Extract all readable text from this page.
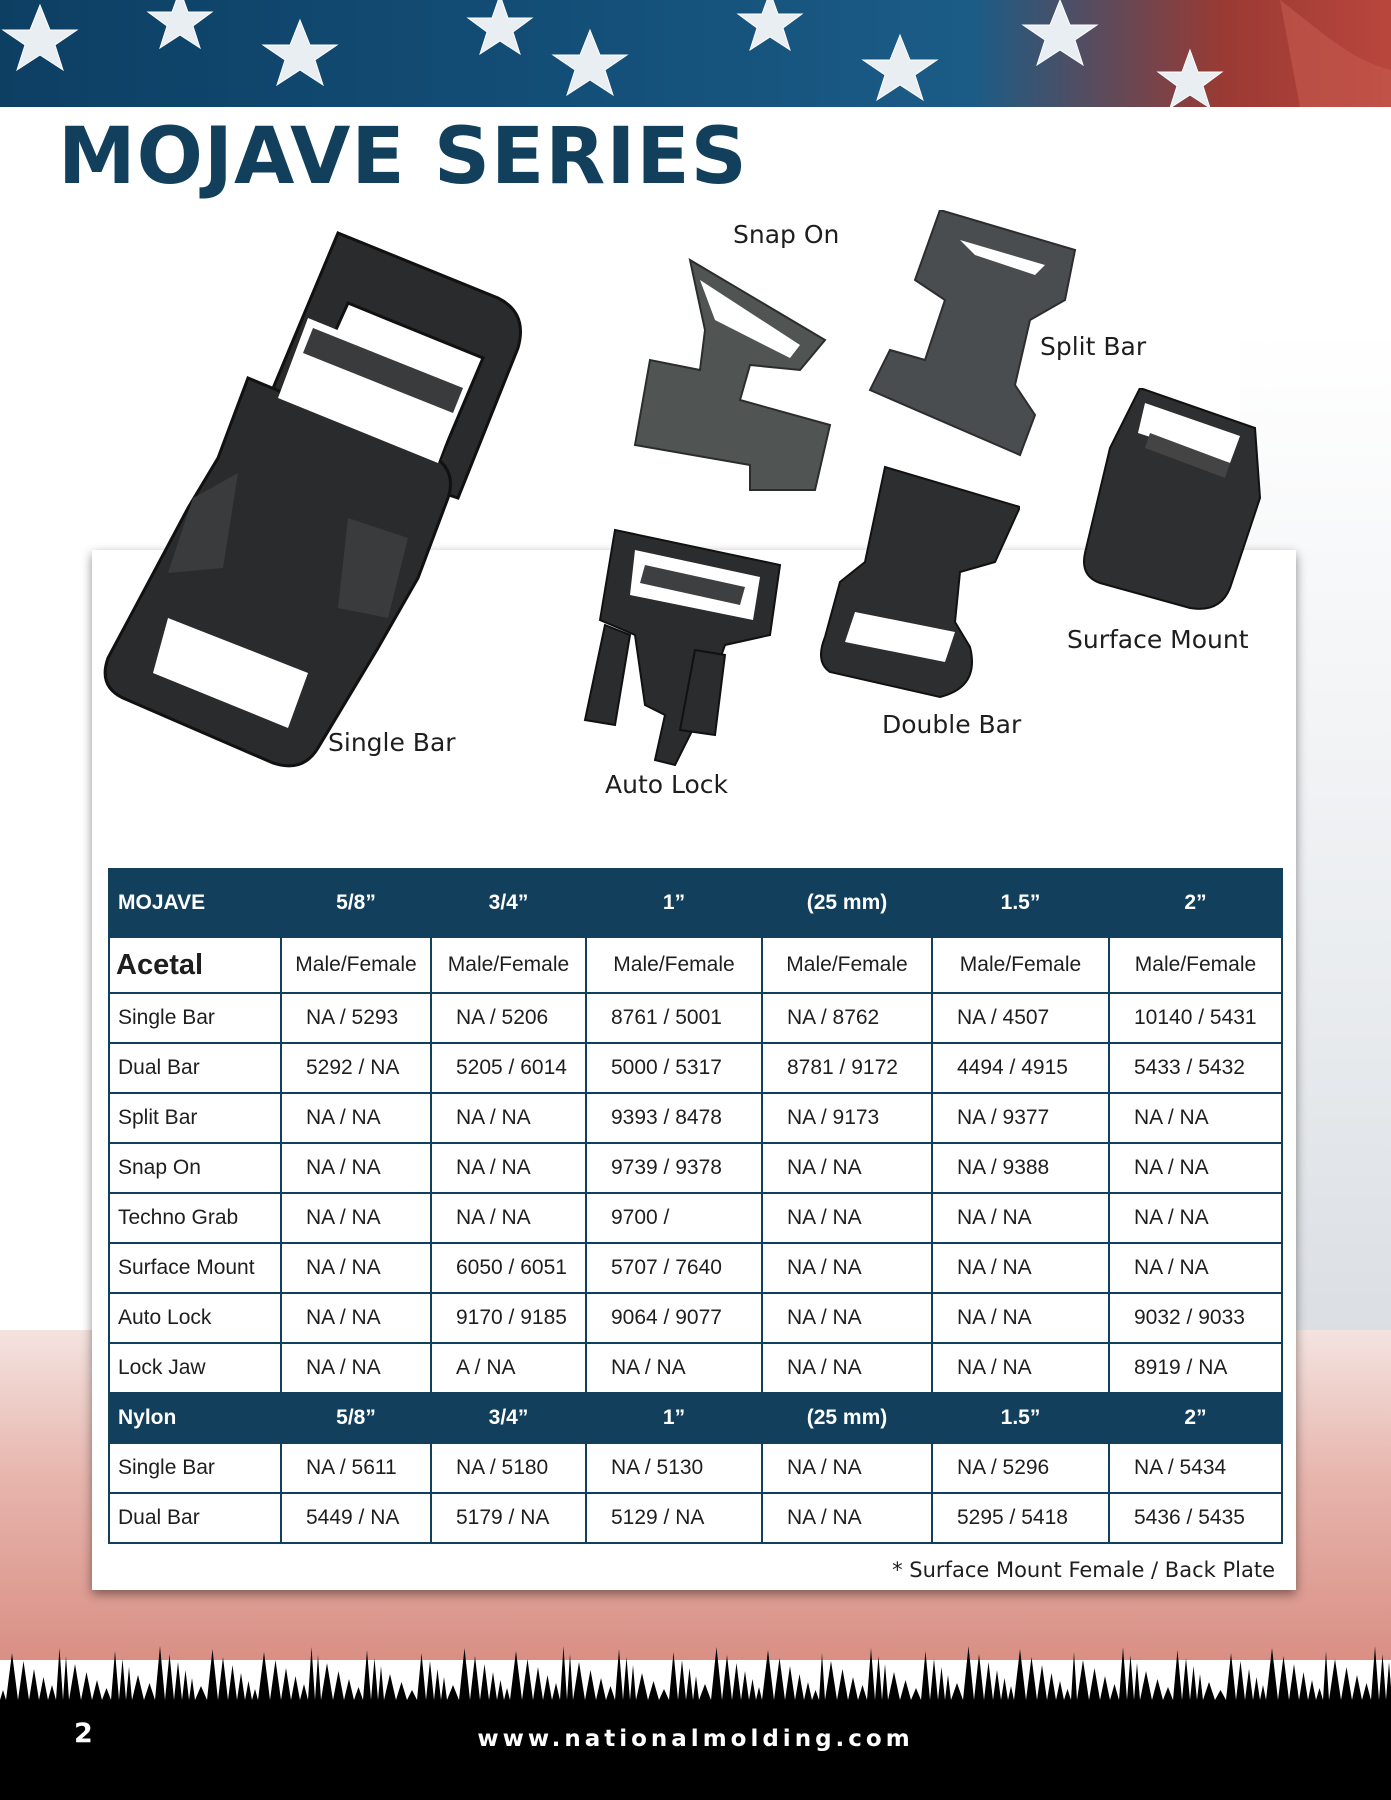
MOJAVE SERIES

Single Bar

Snap On

Split Bar

Surface Mount

Double Bar

Auto Lock

MOJAVE	5/8”	3/4”	1”	(25 mm)	1.5”	2”
Acetal	Male/Female	Male/Female	Male/Female	Male/Female	Male/Female	Male/Female
Single Bar	NA / 5293	NA / 5206	8761 / 5001	NA / 8762	NA / 4507	10140 / 5431
Dual Bar	5292 / NA	5205 / 6014	5000 / 5317	8781 / 9172	4494 / 4915	5433 / 5432
Split Bar	NA / NA	NA / NA	9393 / 8478	NA / 9173	NA / 9377	NA / NA
Snap On	NA / NA	NA / NA	9739 / 9378	NA / NA	NA / 9388	NA / NA
Techno Grab	NA / NA	NA / NA	9700 /	NA / NA	NA / NA	NA / NA
Surface Mount	NA / NA	6050 / 6051	5707 / 7640	NA / NA	NA / NA	NA / NA
Auto Lock	NA / NA	9170 / 9185	9064 / 9077	NA / NA	NA / NA	9032 / 9033
Lock Jaw	NA / NA	A / NA	NA / NA	NA / NA	NA / NA	8919 / NA
Nylon	5/8”	3/4”	1”	(25 mm)	1.5”	2”
Single Bar	NA / 5611	NA / 5180	NA / 5130	NA / NA	NA / 5296	NA / 5434
Dual Bar	5449 / NA	5179 / NA	5129 / NA	NA / NA	5295 / 5418	5436 / 5435

* Surface Mount Female / Back Plate

2	www.nationalmolding.com
